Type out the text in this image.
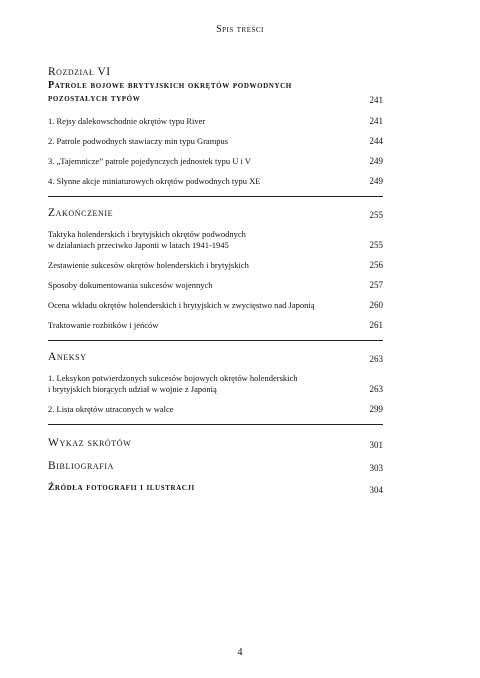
Spis treści
Rozdział VI
Patrole bojowe brytyjskich okrętów podwodnych
pozostałych typów	241
1. Rejsy dalekowschodnie okrętów typu River	241
2. Patrole podwodnych stawiaczy min typu Grampus	244
3. „Tajemnicze” patrole pojedynczych jednostek typu U i V	249
4. Słynne akcje miniaturowych okrętów podwodnych typu XE	249
Zakończenie	255
Taktyka holenderskich i brytyjskich okrętów podwodnych
w działaniach przeciwko Japonii w latach 1941-1945	255
Zestawienie sukcesów okrętów holenderskich i brytyjskich	256
Sposoby dokumentowania sukcesów wojennych	257
Ocena wkładu okrętów holenderskich i brytyjskich w zwycięstwo nad Japonią	260
Traktowanie rozbitków i jeńców	261
Aneksy	263
1. Leksykon potwierdzonych sukcesów bojowych okrętów holenderskich
i brytyjskich biorących udział w wojnie z Japonią	263
2. Lista okrętów utraconych w walce	299
Wykaz skrótów	301
Bibliografia	303
Źródła fotografii i ilustracji	304
4
